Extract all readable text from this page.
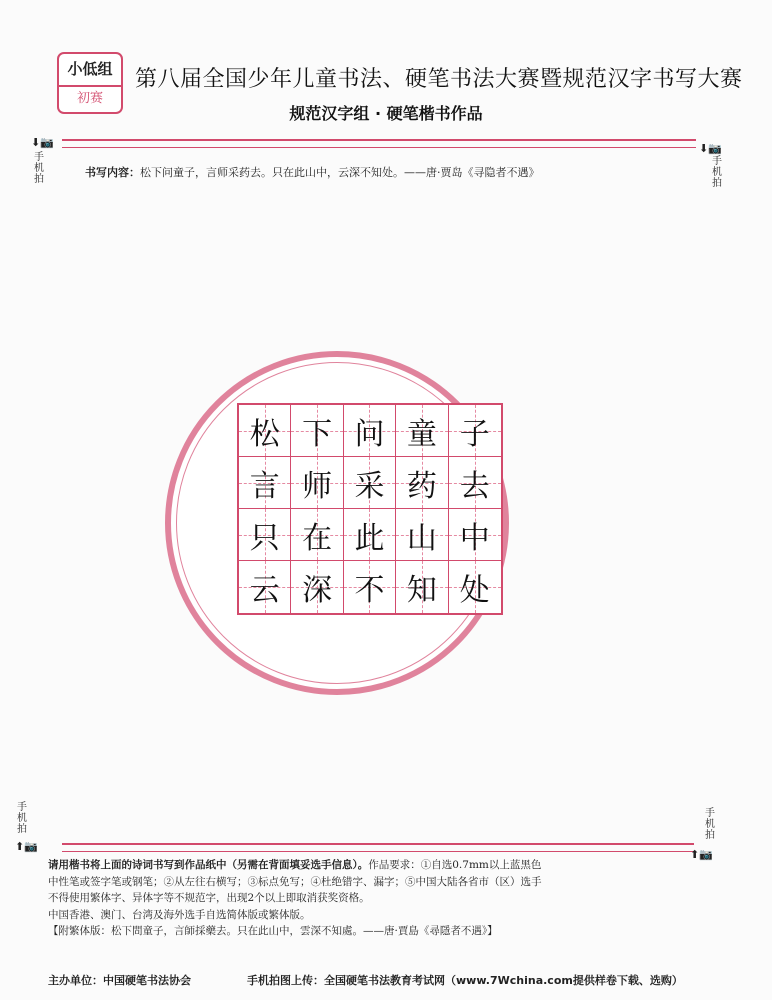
小低组
初赛
第八届全国少年儿童书法、硬笔书法大赛暨规范汉字书写大赛
规范汉字组 · 硬笔楷书作品
⬇📷	⬇📷
手
机
拍
手
机
拍
书写内容：松下问童子，言师采药去。只在此山中，云深不知处。——唐·贾岛《寻隐者不遇》
松 下 问 童 子
言 师 采 药 去
只 在 此 山 中
云 深 不 知 处
手
机
拍
手
机
拍
⬆📷
⬆📷

请用楷书将上面的诗词书写到作品纸中（另需在背面填妥选手信息）。作品要求：①自选0.7mm以上蓝黑色

中性笔或签字笔或钢笔；②从左往右横写；③标点免写；④杜绝错字、漏字；⑤中国大陆各省市（区）选手

不得使用繁体字、异体字等不规范字，出现2个以上即取消获奖资格。

中国香港、澳门、台湾及海外选手自选简体版或繁体版。

【附繁体版：松下問童子，言師採藥去。只在此山中，雲深不知處。——唐·賈島《尋隱者不遇》】

主办单位：中国硬笔书法协会	手机拍图上传：全国硬笔书法教育考试网（www.7Wchina.com提供样卷下载、选购）
